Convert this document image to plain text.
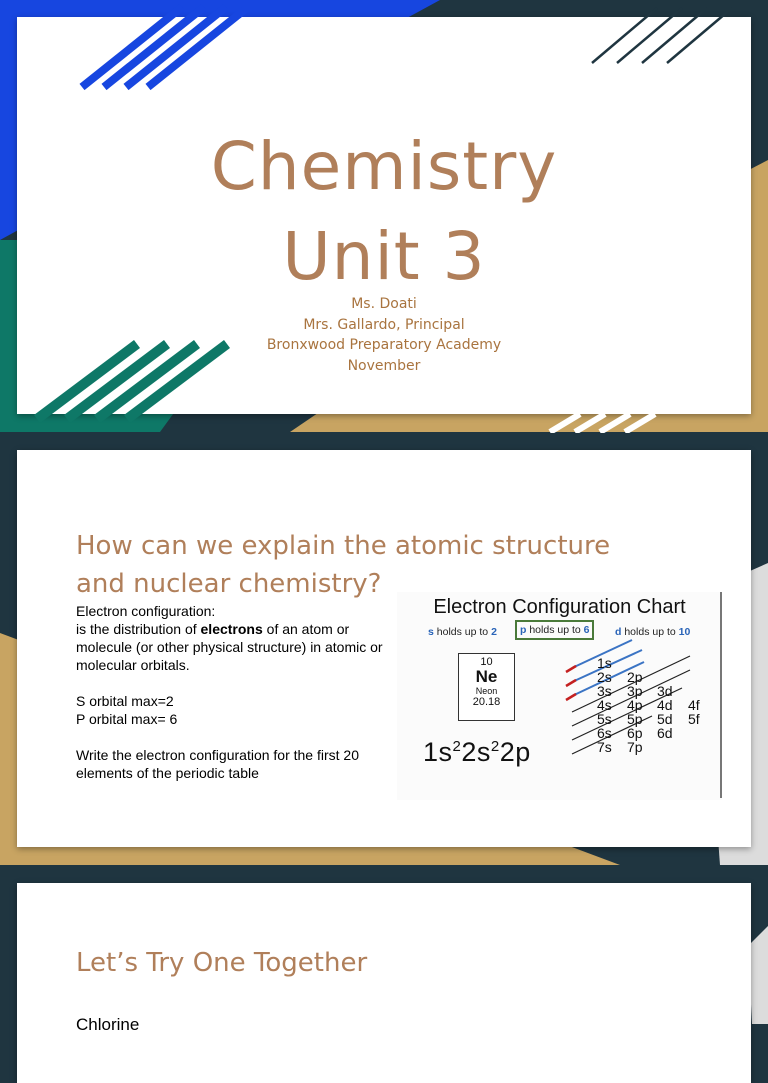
Chemistry
Unit 3
Ms. Doati
Mrs. Gallardo, Principal
Bronxwood Preparatory Academy
November
How can we explain the atomic structure
and nuclear chemistry?

Electron configuration:

is the distribution of electrons of an atom or molecule (or other physical structure) in atomic or molecular orbitals.

S orbital max=2

P orbital max= 6

Write the electron configuration for the first 20 elements of the periodic table

Electron Configuration Chart
s holds up to 2	p holds up to 6	d holds up to 10
10
Ne
Neon
20.18
$1s^22s^22p$
1s
2s 2p
3s 3p 3d
4s 4p 4d 4f
5s 5p 5d 5f
6s 6p 6d
7s 7p
Let’s Try One Together
Chlorine
